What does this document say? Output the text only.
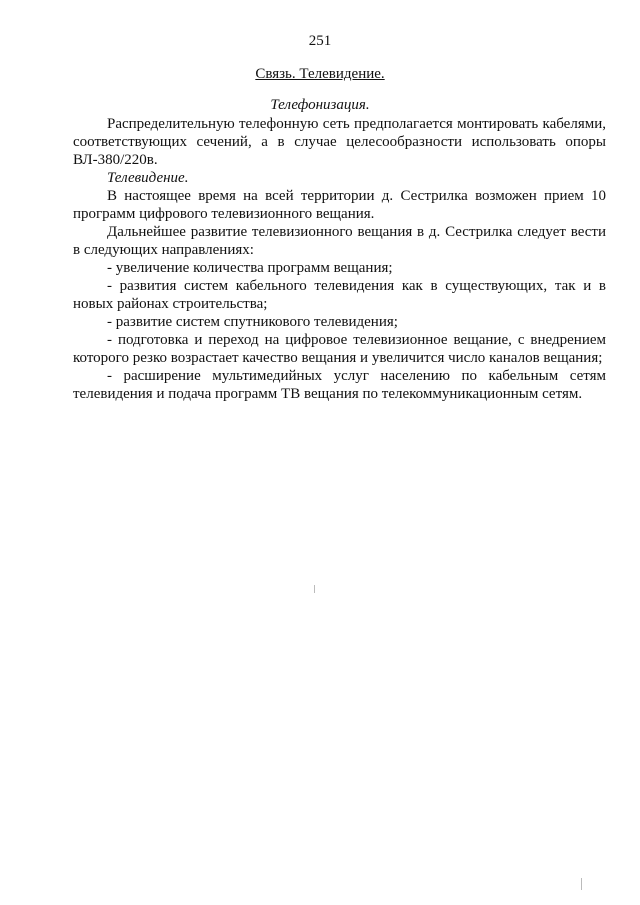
251
Связь. Телевидение.
Телефонизация.

Распределительную телефонную сеть предполагается монтировать кабелями, соответствующих сечений, а в случае целесообразности использовать опоры ВЛ-380/220в.

Телевидение.

В настоящее время на всей территории д. Сестрилка возможен прием 10 программ цифрового телевизионного вещания.

Дальнейшее развитие телевизионного вещания в д. Сестрилка следует вести в следующих направлениях:

- увеличение количества программ вещания;

- развития систем кабельного телевидения как в существующих, так и в новых районах строительства;

- развитие систем спутникового телевидения;

- подготовка и переход на цифровое телевизионное вещание, с внедрением которого резко возрастает качество вещания и увеличится число каналов вещания;

- расширение мультимедийных услуг населению по кабельным сетям телевидения и подача программ ТВ вещания по телекоммуникационным сетям.
